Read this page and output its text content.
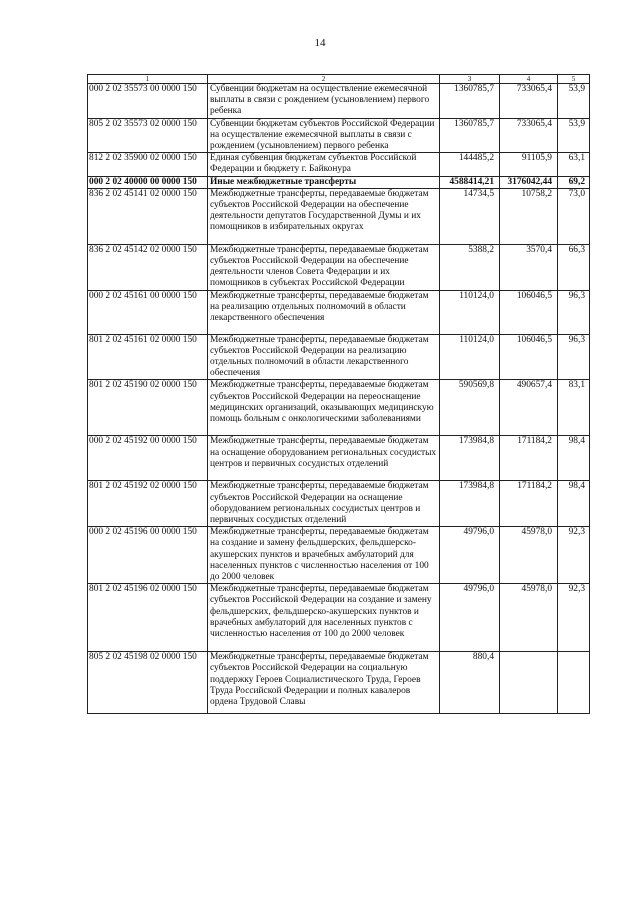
14
1	2	3	4	5
000 2 02 35573 00 0000 150	Субвенции бюджетам на осуществление ежемесячной выплаты в связи с рождением (усыновлением) первого ребенка	1360785,7	733065,4	53,9
805 2 02 35573 02 0000 150	Субвенции бюджетам субъектов Российской Федерации на осуществление ежемесячной выплаты в связи с рождением (усыновлением) первого ребенка	1360785,7	733065,4	53,9
812 2 02 35900 02 0000 150	Единая субвенция бюджетам субъектов Российской Федерации и бюджету г. Байконура	144485,2	91105,9	63,1
000 2 02 40000 00 0000 150	Иные межбюджетные трансферты	4588414,21	3176042,44	69,2
836 2 02 45141 02 0000 150	Межбюджетные трансферты, передаваемые бюджетам субъектов Российской Федерации на обеспечение деятельности депутатов Государственной Думы и их помощников в избирательных округах	14734,5	10758,2	73,0
836 2 02 45142 02 0000 150	Межбюджетные трансферты, передаваемые бюджетам субъектов Российской Федерации на обеспечение деятельности членов Совета Федерации и их помощников в субъектах Российской Федерации	5388,2	3570,4	66,3
000 2 02 45161 00 0000 150	Межбюджетные трансферты, передаваемые бюджетам на реализацию отдельных полномочий в области лекарственного обеспечения	110124,0	106046,5	96,3
801 2 02 45161 02 0000 150	Межбюджетные трансферты, передаваемые бюджетам субъектов Российской Федерации на реализацию отдельных полномочий в области лекарственного обеспечения	110124,0	106046,5	96,3
801 2 02 45190 02 0000 150	Межбюджетные трансферты, передаваемые бюджетам субъектов Российской Федерации на переоснащение медицинских организаций, оказывающих медицинскую помощь больным с онкологическими заболеваниями	590569,8	490657,4	83,1
000 2 02 45192 00 0000 150	Межбюджетные трансферты, передаваемые бюджетам на оснащение оборудованием региональных сосудистых центров и первичных сосудистых отделений	173984,8	171184,2	98,4
801 2 02 45192 02 0000 150	Межбюджетные трансферты, передаваемые бюджетам субъектов Российской Федерации на оснащение оборудованием региональных сосудистых центров и первичных сосудистых отделений	173984,8	171184,2	98,4
000 2 02 45196 00 0000 150	Межбюджетные трансферты, передаваемые бюджетам на создание и замену фельдшерских, фельдшерско-акушерских пунктов и врачебных амбулаторий для населенных пунктов с численностью населения от 100 до 2000 человек	49796,0	45978,0	92,3
801 2 02 45196 02 0000 150	Межбюджетные трансферты, передаваемые бюджетам субъектов Российской Федерации на создание и замену фельдшерских, фельдшерско-акушерских пунктов и врачебных амбулаторий для населенных пунктов с численностью населения от 100 до 2000 человек	49796,0	45978,0	92,3
805 2 02 45198 02 0000 150	Межбюджетные трансферты, передаваемые бюджетам субъектов Российской Федерации на социальную поддержку Героев Социалистического Труда, Героев Труда Российской Федерации и полных кавалеров ордена Трудовой Славы	880,4		
